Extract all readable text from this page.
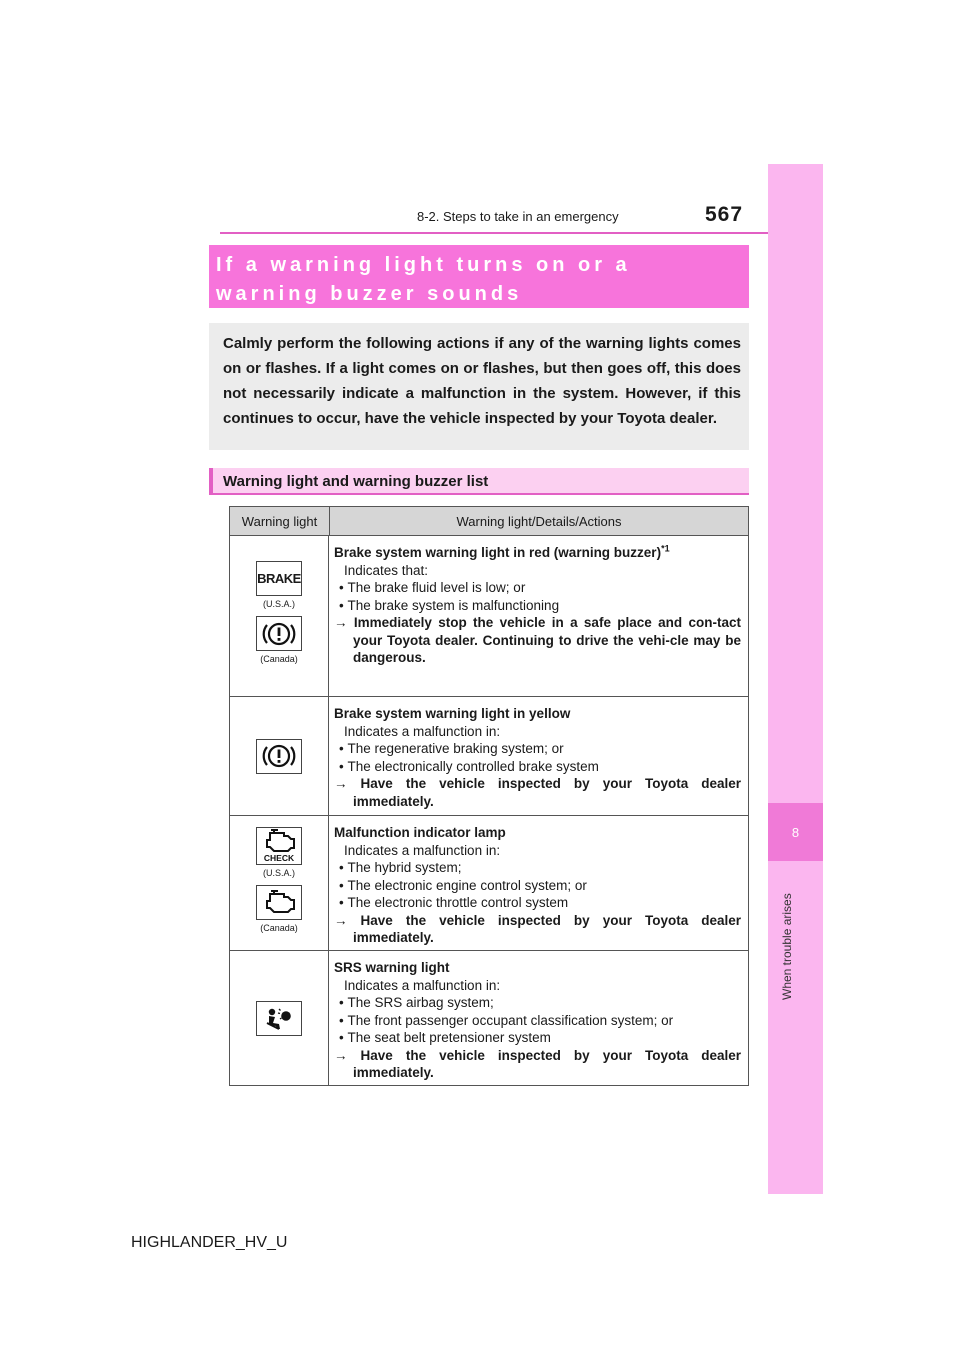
8-2. Steps to take in an emergency	567
8
When trouble arises
If a warning light turns on or a warning buzzer sounds
Calmly perform the following actions if any of the warning lights comes on or flashes. If a light comes on or flashes, but then goes off, this does not necessarily indicate a malfunction in the system. However, if this continues to occur, have the vehicle inspected by your Toyota dealer.
Warning light and warning buzzer list
Warning light	Warning light/Details/Actions
BRAKE
(U.S.A.)
(Canada)
Brake system warning light in red (warning buzzer)$^{*1}$
Indicates that:
• The brake fluid level is low; or
• The brake system is malfunctioning
→ Immediately stop the vehicle in a safe place and con-tact your Toyota dealer. Continuing to drive the vehi-cle may be dangerous.
Brake system warning light in yellow
Indicates a malfunction in:
• The regenerative braking system; or
• The electronically controlled brake system
→ Have the vehicle inspected by your Toyota dealer immediately.
CHECK
(U.S.A.)
(Canada)
Malfunction indicator lamp
Indicates a malfunction in:
• The hybrid system;
• The electronic engine control system; or
• The electronic throttle control system
→ Have the vehicle inspected by your Toyota dealer immediately.
SRS warning light
Indicates a malfunction in:
• The SRS airbag system;
• The front passenger occupant classification system; or
• The seat belt pretensioner system
→ Have the vehicle inspected by your Toyota dealer immediately.
HIGHLANDER_HV_U
